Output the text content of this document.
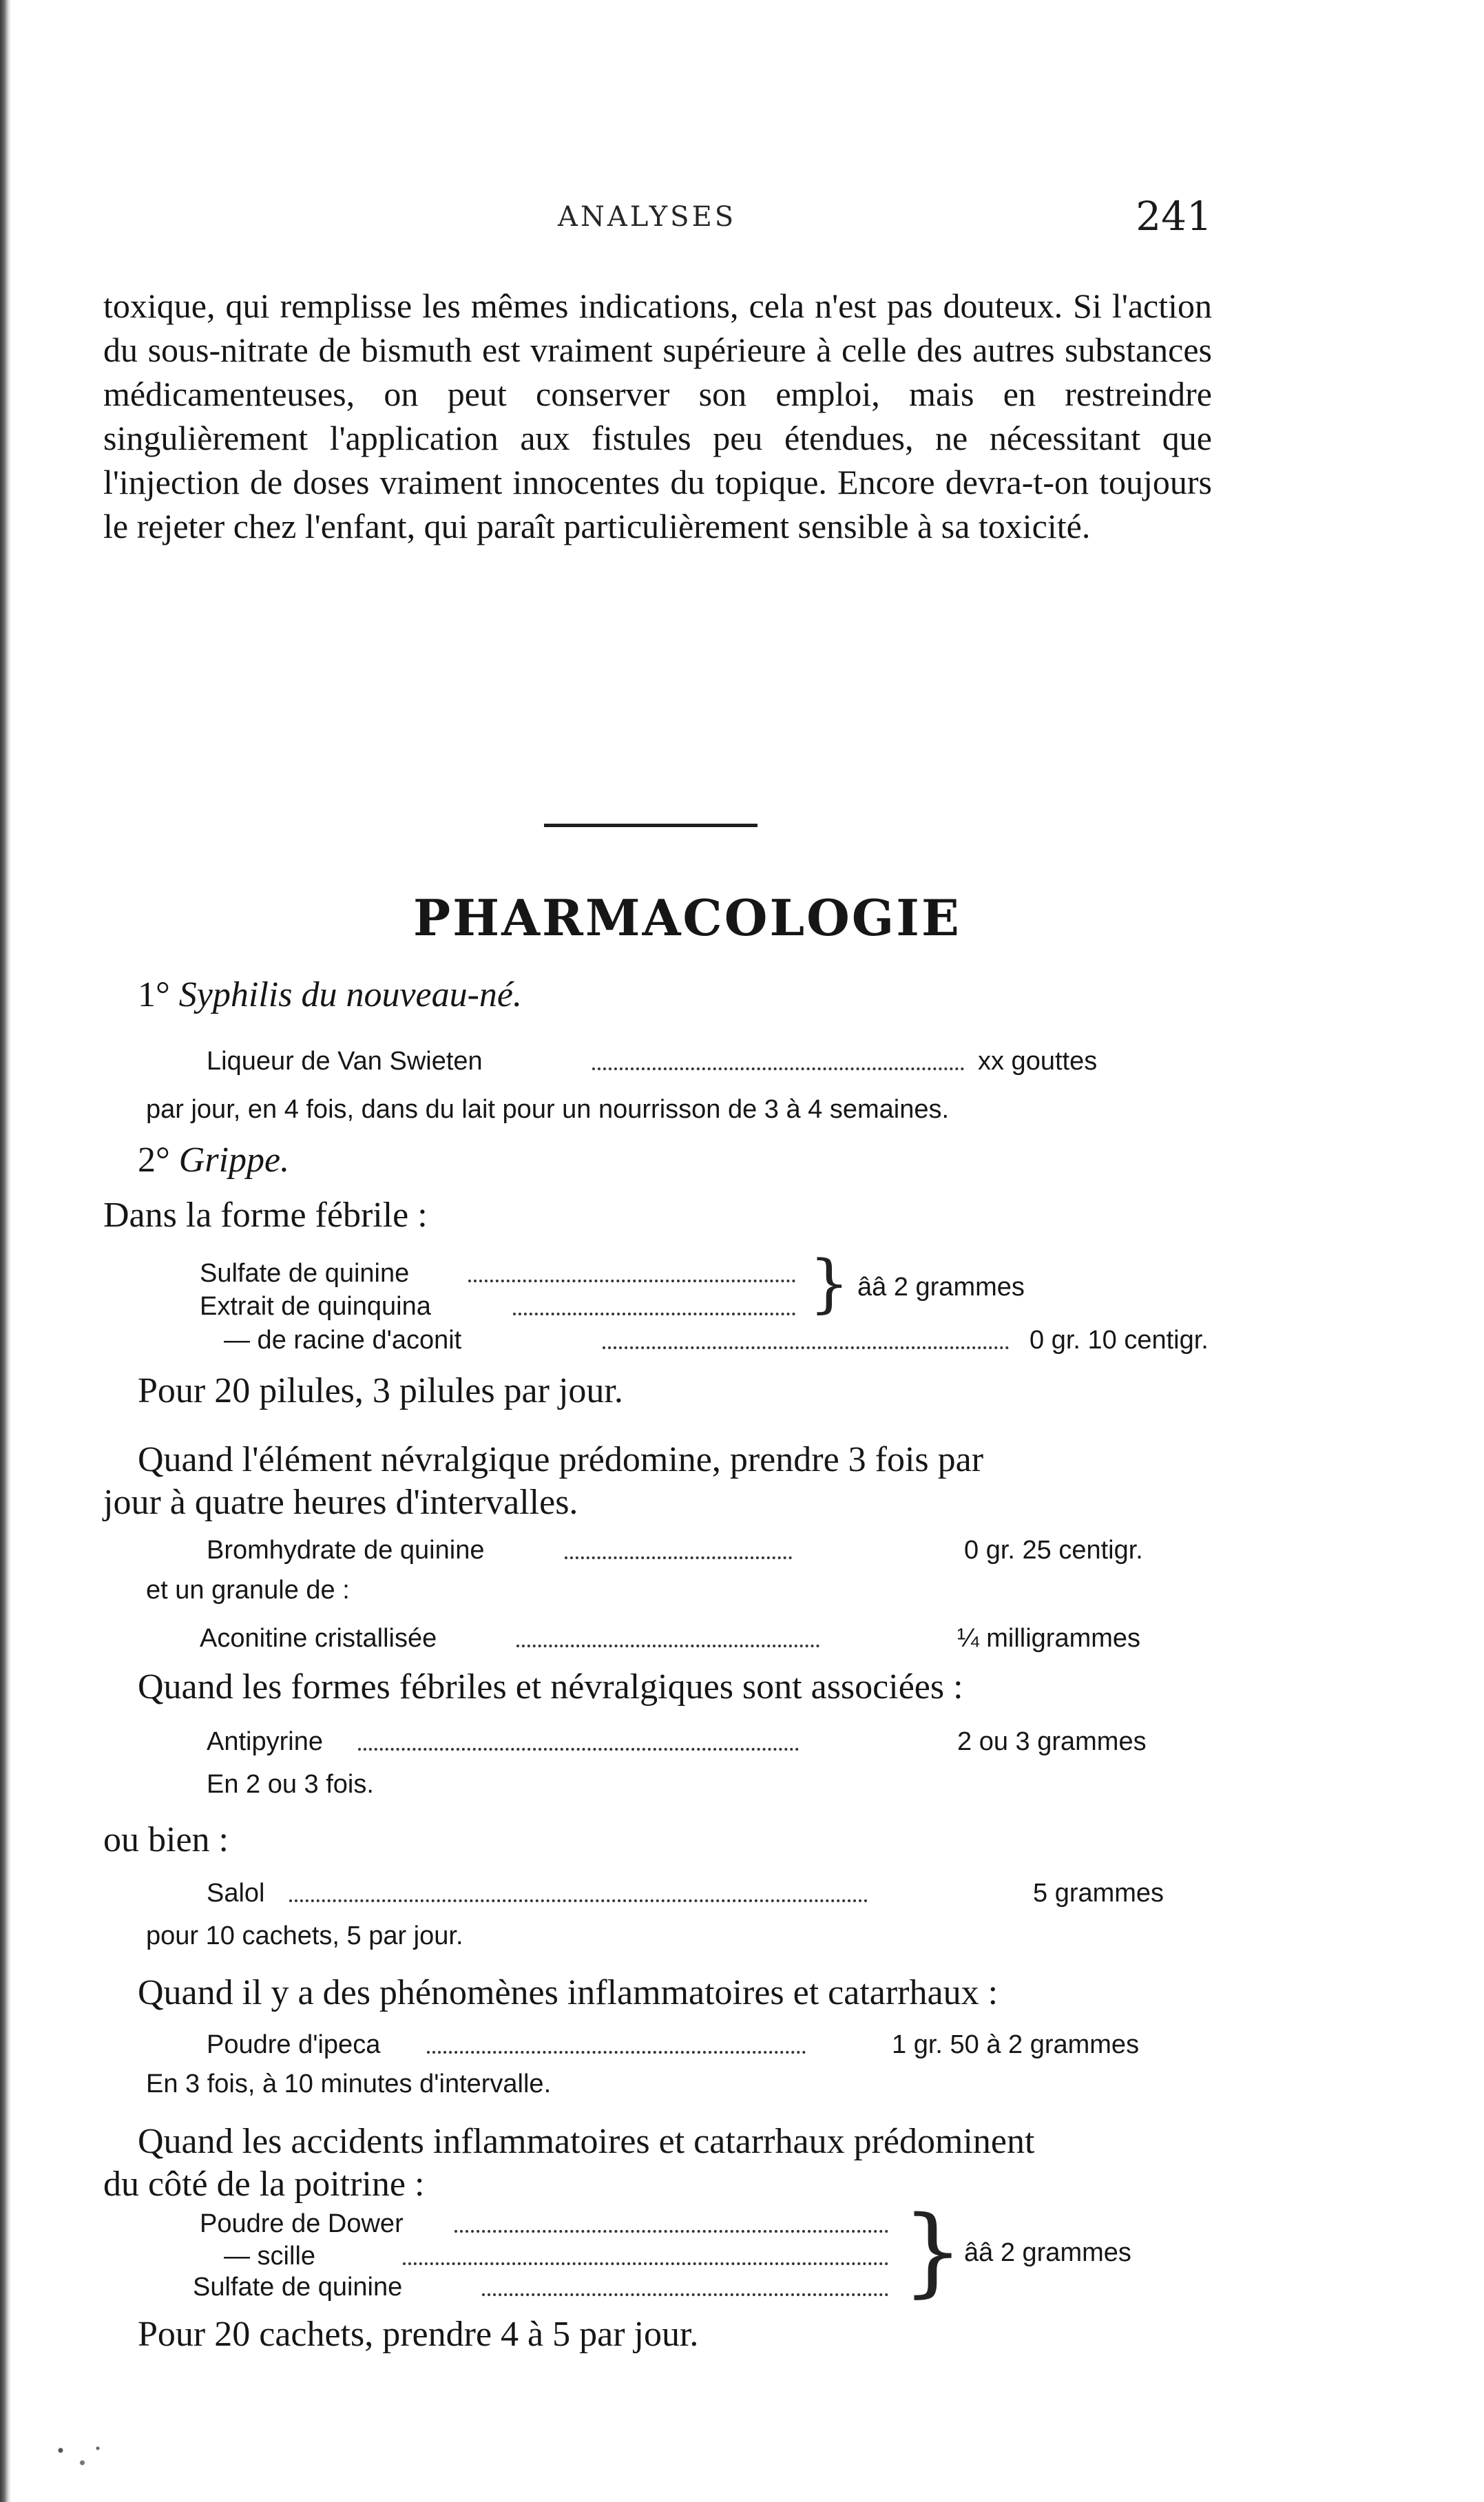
ANALYSES	241

toxique, qui remplisse les mêmes indications, cela n'est pas douteux. Si l'action du sous-nitrate de bismuth est vraiment supérieure à celle des autres substances médicamenteuses, on peut conserver son emploi, mais en restreindre singulièrement l'application aux fistules peu étendues, ne nécessitant que l'injection de doses vraiment innocentes du topique. Encore devra-t-on toujours le rejeter chez l'enfant, qui paraît particulièrement sensible à sa toxicité.

PHARMACOLOGIE
1° Syphilis du nouveau-né.
Liqueur de Van Swieten	xx gouttes
par jour, en 4 fois, dans du lait pour un nourrisson de 3 à 4 semaines.
2° Grippe.
Dans la forme fébrile :
Sulfate de quinine
Extrait de quinquina	} ââ 2 grammes
— de racine d'aconit	0 gr. 10 centigr.
Pour 20 pilules, 3 pilules par jour.
Quand l'élément névralgique prédomine, prendre 3 fois par
jour à quatre heures d'intervalles.
Bromhydrate de quinine	0 gr. 25 centigr.
et un granule de :
Aconitine cristallisée	¼ milligrammes
Quand les formes fébriles et névralgiques sont associées :
Antipyrine	2 ou 3 grammes
En 2 ou 3 fois.
ou bien :
Salol	5 grammes
pour 10 cachets, 5 par jour.
Quand il y a des phénomènes inflammatoires et catarrhaux :
Poudre d'ipeca	1 gr. 50 à 2 grammes
En 3 fois, à 10 minutes d'intervalle.
Quand les accidents inflammatoires et catarrhaux prédominent
du côté de la poitrine :
Poudre de Dower
— scille
Sulfate de quinine	} ââ 2 grammes
Pour 20 cachets, prendre 4 à 5 par jour.
